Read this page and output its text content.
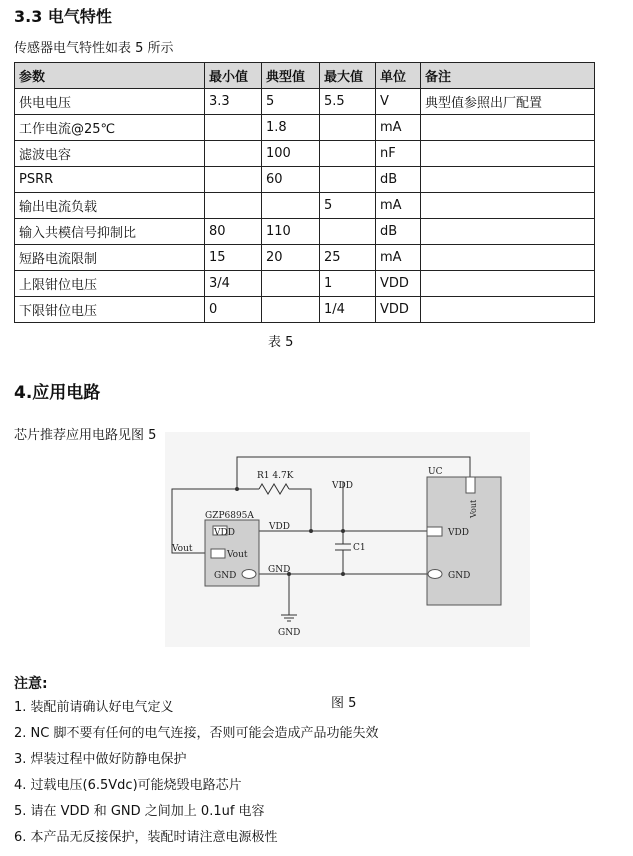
3.3 电气特性
传感器电气特性如表 5 所示
参数	最小值	典型值	最大值	单位	备注
供电电压	3.3	5	5.5	V	典型值参照出厂配置
工作电流@25℃		1.8		mA	
滤波电容		100		nF	
PSRR		60		dB	
输出电流负载			5	mA	
输入共模信号抑制比	80	110		dB	
短路电流限制	15	20	25	mA	
上限钳位电压	3/4		1	VDD	
下限钳位电压	0		1/4	VDD	
表 5
4.应用电路
芯片推荐应用电路见图 5
R1 4.7K
GZP6895A
VDD
Vout
GND
VDD
GND
Vout
VDD
C1
GND
UC
VDD
GND
Vout
注意:
图 5
1. 装配前请确认好电气定义
2. NC 脚不要有任何的电气连接，否则可能会造成产品功能失效
3. 焊装过程中做好防静电保护
4. 过载电压(6.5Vdc)可能烧毁电路芯片
5. 请在 VDD 和 GND 之间加上 0.1uf 电容
6. 本产品无反接保护，装配时请注意电源极性
